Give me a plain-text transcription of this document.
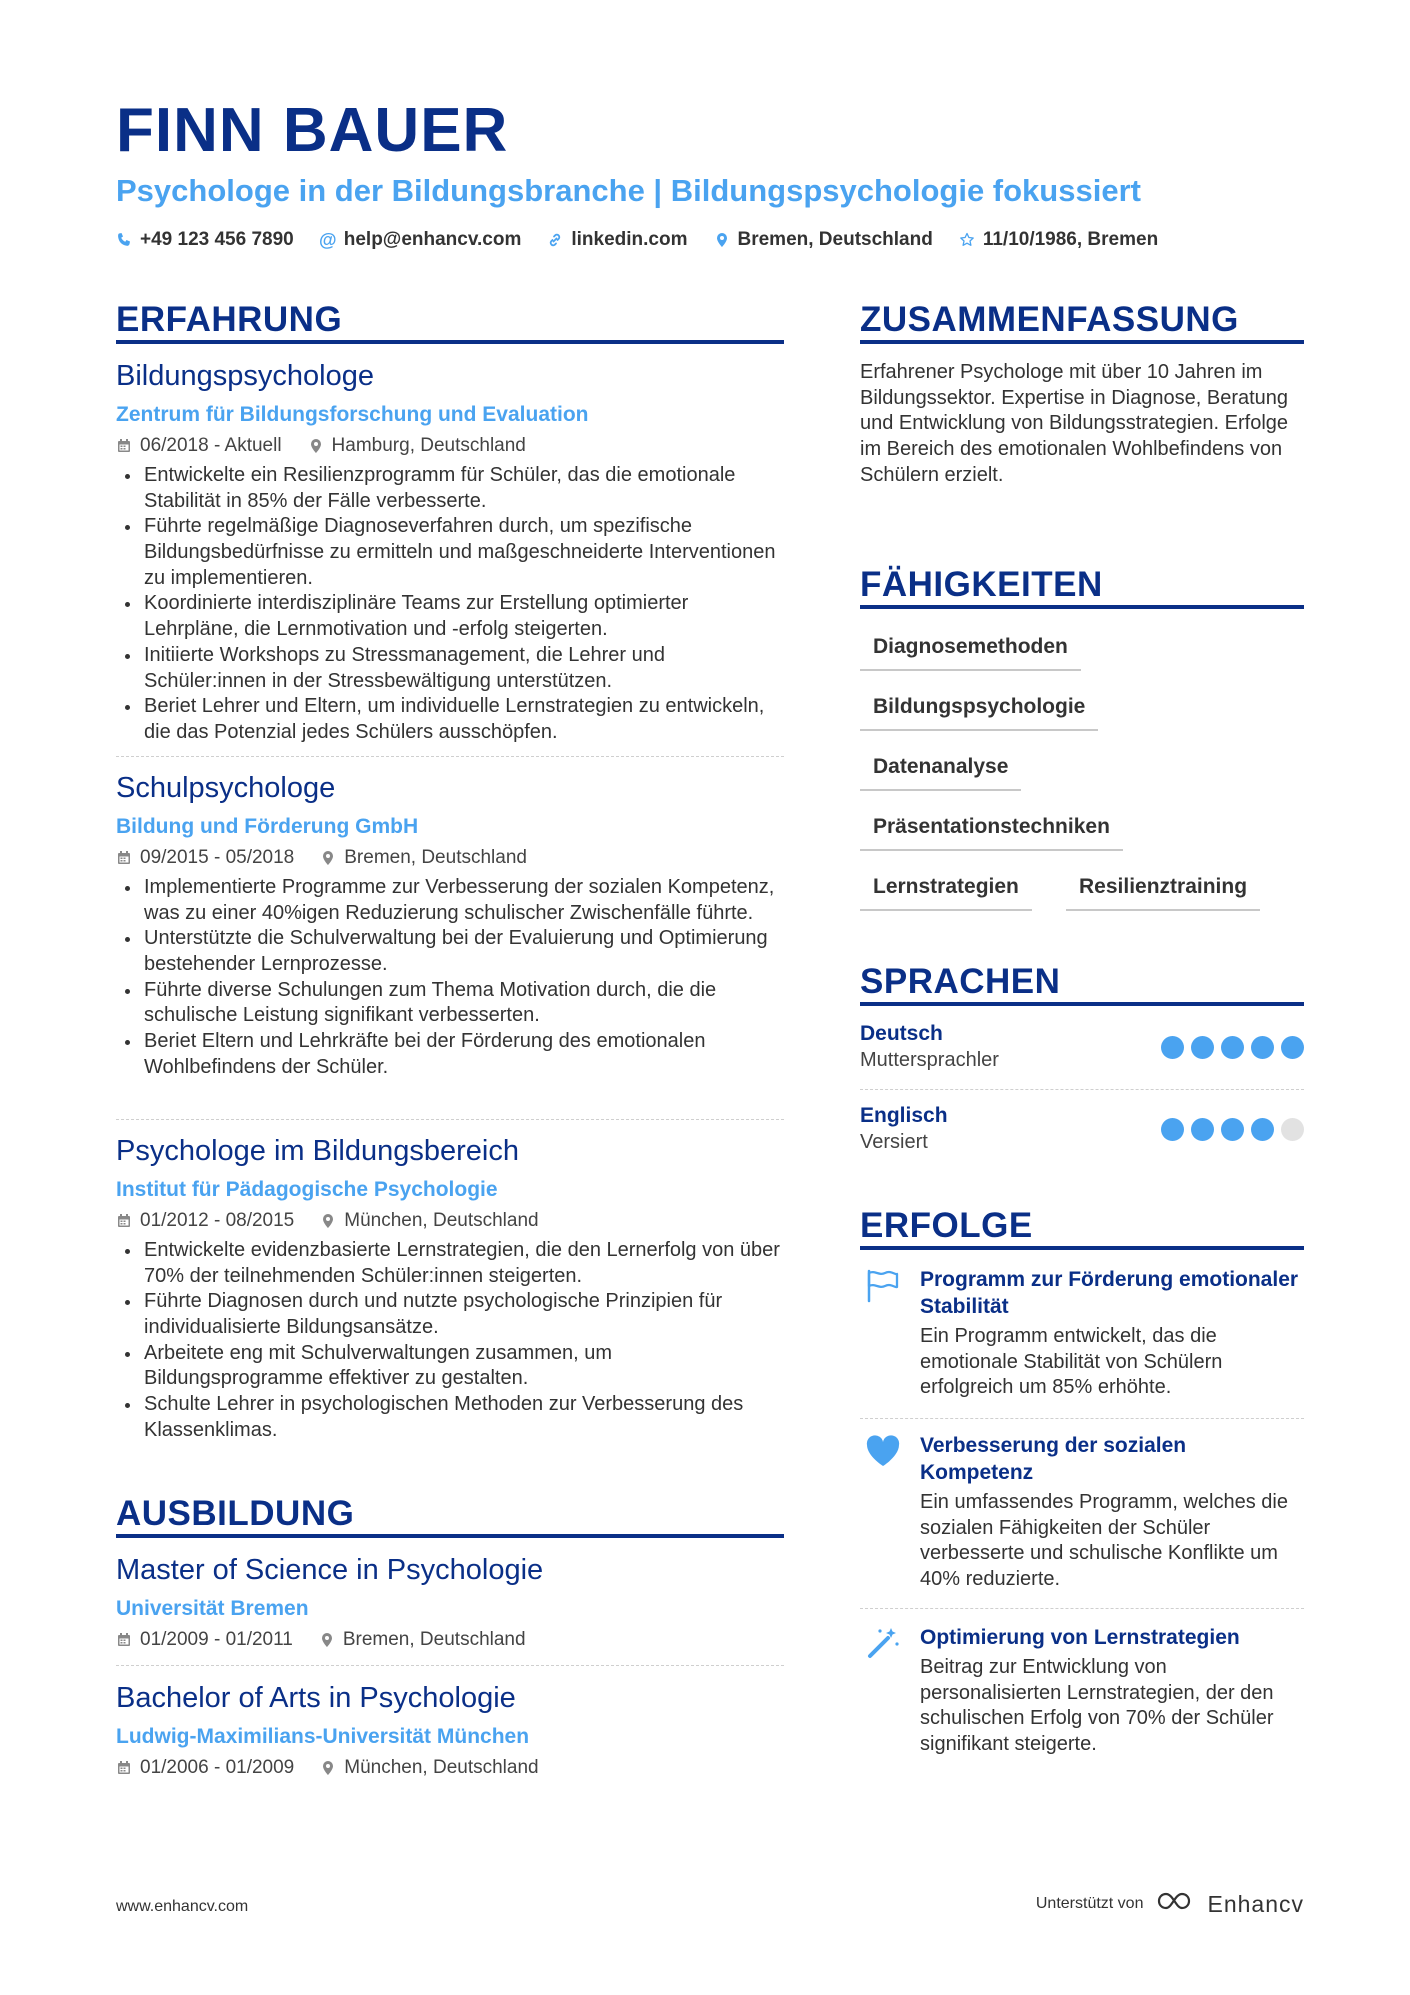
FINN BAUER
Psychologe in der Bildungsbranche | Bildungspsychologie fokussiert
+49 123 456 7890 @ help@enhancv.com	linkedin.com	Bremen, Deutschland	11/10/1986, Bremen
ERFAHRUNG
Bildungspsychologe
Zentrum für Bildungsforschung und Evaluation
06/2018 - Aktuell	Hamburg, Deutschland
Entwickelte ein Resilienzprogramm für Schüler, das die emotionale Stabilität in 85% der Fälle verbesserte.
Führte regelmäßige Diagnoseverfahren durch, um spezifische Bildungsbedürfnisse zu ermitteln und maßgeschneiderte Interventionen zu implementieren.
Koordinierte interdisziplinäre Teams zur Erstellung optimierter Lehrpläne, die Lernmotivation und -erfolg steigerten.
Initiierte Workshops zu Stressmanagement, die Lehrer und Schüler:innen in der Stressbewältigung unterstützen.
Beriet Lehrer und Eltern, um individuelle Lernstrategien zu entwickeln, die das Potenzial jedes Schülers ausschöpfen.
Schulpsychologe
Bildung und Förderung GmbH
09/2015 - 05/2018	Bremen, Deutschland
Implementierte Programme zur Verbesserung der sozialen Kompetenz, was zu einer 40%igen Reduzierung schulischer Zwischenfälle führte.
Unterstützte die Schulverwaltung bei der Evaluierung und Optimierung bestehender Lernprozesse.
Führte diverse Schulungen zum Thema Motivation durch, die die schulische Leistung signifikant verbesserten.
Beriet Eltern und Lehrkräfte bei der Förderung des emotionalen Wohlbefindens der Schüler.
Psychologe im Bildungsbereich
Institut für Pädagogische Psychologie
01/2012 - 08/2015	München, Deutschland
Entwickelte evidenzbasierte Lernstrategien, die den Lernerfolg von über 70% der teilnehmenden Schüler:innen steigerten.
Führte Diagnosen durch und nutzte psychologische Prinzipien für individualisierte Bildungsansätze.
Arbeitete eng mit Schulverwaltungen zusammen, um Bildungsprogramme effektiver zu gestalten.
Schulte Lehrer in psychologischen Methoden zur Verbesserung des Klassenklimas.
AUSBILDUNG
Master of Science in Psychologie
Universität Bremen
01/2009 - 01/2011	Bremen, Deutschland
Bachelor of Arts in Psychologie
Ludwig-Maximilians-Universität München
01/2006 - 01/2009	München, Deutschland
ZUSAMMENFASSUNG
Erfahrener Psychologe mit über 10 Jahren im Bildungssektor. Expertise in Diagnose, Beratung und Entwicklung von Bildungsstrategien. Erfolge im Bereich des emotionalen Wohlbefindens von Schülern erzielt.
FÄHIGKEITEN
Diagnosemethoden
Bildungspsychologie
Datenanalyse
Präsentationstechniken
Lernstrategien	Resilienztraining
SPRACHEN
Deutsch
Muttersprachler
Englisch
Versiert
ERFOLGE
Programm zur Förderung emotionaler Stabilität
Ein Programm entwickelt, das die emotionale Stabilität von Schülern erfolgreich um 85% erhöhte.
Verbesserung der sozialen Kompetenz
Ein umfassendes Programm, welches die sozialen Fähigkeiten der Schüler verbesserte und schulische Konflikte um 40% reduzierte.
Optimierung von Lernstrategien
Beitrag zur Entwicklung von personalisierten Lernstrategien, der den schulischen Erfolg von 70% der Schüler signifikant steigerte.
www.enhancv.com	Unterstützt von	Enhancv
